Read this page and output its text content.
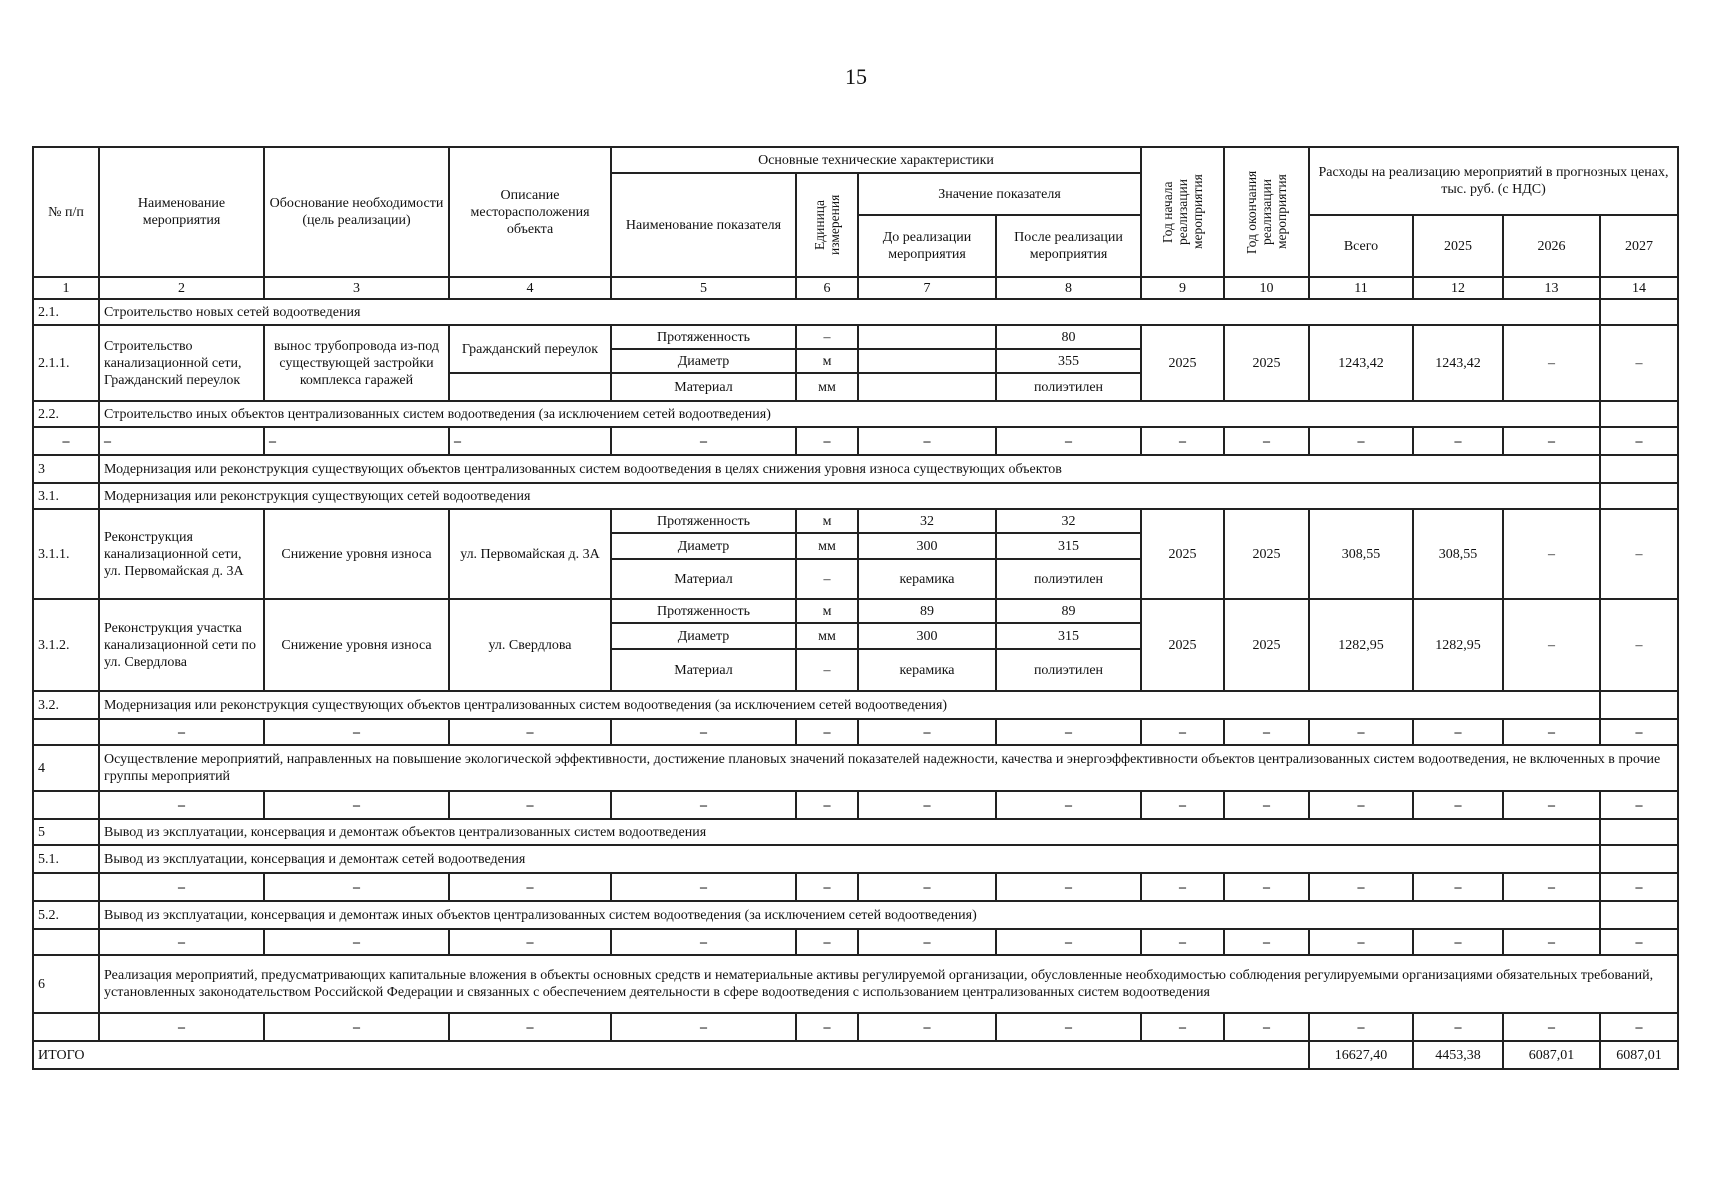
15
№ п/п	Наименование мероприятия	Обоснование необходимости (цель реализации)	Описание месторасположения объекта	Основные технические характеристики				Год начала реализации мероприятия	Год окончания реализации мероприятия	Расходы на реализацию мероприятий в прогнозных ценах, тыс. руб. (с НДС)			
				Наименование показателя	Единица измерения	Значение показателя							
						До реализации мероприятия	После реализации мероприятия			Всего	2025	2026	2027
1	2	3	4	5	6	7	8	9	10	11	12	13	14
2.1.	Строительство новых сетей водоотведения												
2.1.1.	Строительство канализационной сети, Гражданский переулок	вынос трубопровода из-под существующей застройки комплекса гаражей	Гражданский переулок	Протяженность	–		80	2025	2025	1243,42	1243,42	–	–
				Диаметр	м		355						
				Материал	мм		полиэтилен						
2.2.	Строительство иных объектов централизованных систем водоотведения (за исключением сетей водоотведения)												
–	–	–	–	–	–	–	–	–	–	–	–	–	–
3	Модернизация или реконструкция существующих объектов централизованных систем водоотведения в целях снижения уровня износа существующих объектов												
3.1.	Модернизация или реконструкция существующих сетей водоотведения												
3.1.1.	Реконструкция канализационной сети, ул. Первомайская д. 3А	Снижение уровня износа	ул. Первомайская д. 3А	Протяженность	м	32	32	2025	2025	308,55	308,55	–	–
				Диаметр	мм	300	315						
				Материал	–	керамика	полиэтилен						
3.1.2.	Реконструкция участка канализационной сети по ул. Свердлова	Снижение уровня износа	ул. Свердлова	Протяженность	м	89	89	2025	2025	1282,95	1282,95	–	–
				Диаметр	мм	300	315						
				Материал	–	керамика	полиэтилен						
3.2.	Модернизация или реконструкция существующих объектов централизованных систем водоотведения (за исключением сетей водоотведения)												
	–	–	–	–	–	–	–	–	–	–	–	–	–
4	Осуществление мероприятий, направленных на повышение экологической эффективности, достижение плановых значений показателей надежности, качества и энергоэффективности объектов централизованных систем водоотведения, не включенных в прочие группы мероприятий												
	–	–	–	–	–	–	–	–	–	–	–	–	–
5	Вывод из эксплуатации, консервация и демонтаж объектов централизованных систем водоотведения												
5.1.	Вывод из эксплуатации, консервация и демонтаж сетей водоотведения												
	–	–	–	–	–	–	–	–	–	–	–	–	–
5.2.	Вывод из эксплуатации, консервация и демонтаж иных объектов централизованных систем водоотведения (за исключением сетей водоотведения)												
	–	–	–	–	–	–	–	–	–	–	–	–	–
6	Реализация мероприятий, предусматривающих капитальные вложения в объекты основных средств и нематериальные активы регулируемой организации, обусловленные необходимостью соблюдения регулируемыми организациями обязательных требований, установленных законодательством Российской Федерации и связанных с обеспечением деятельности в сфере водоотведения с использованием централизованных систем водоотведения												
	–	–	–	–	–	–	–	–	–	–	–	–	–
ИТОГО										16627,40	4453,38	6087,01	6087,01
